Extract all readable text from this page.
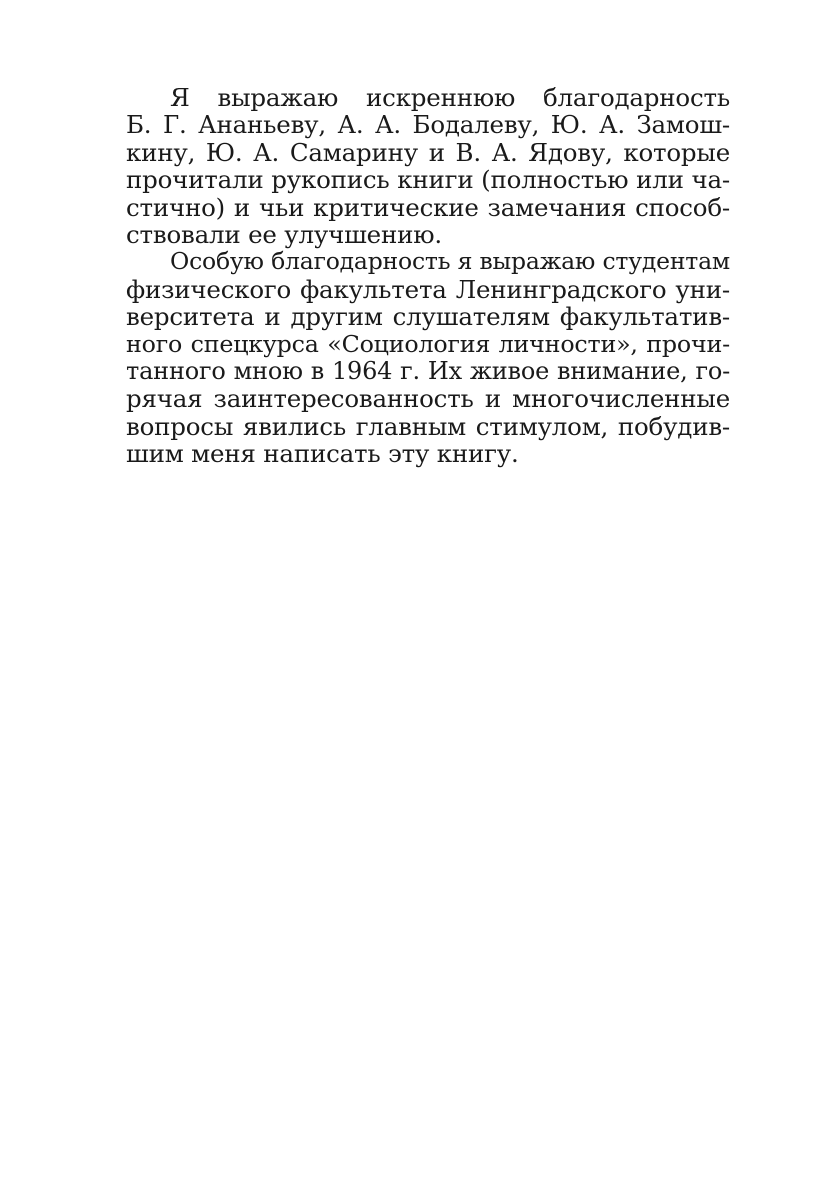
Я выражаю искреннюю благодарность
Б. Г. Ананьеву, А. А. Бодалеву, Ю. А. Замош-
кину, Ю. А. Самарину и В. А. Ядову, которые
прочитали рукопись книги (полностью или ча-
стично) и чьи критические замечания способ-
ствовали ее улучшению.
Особую благодарность я выражаю студентам
физического факультета Ленинградского уни-
верситета и другим слушателям факультатив-
ного спецкурса «Социология личности», прочи-
танного мною в 1964 г. Их живое внимание, го-
рячая заинтересованность и многочисленные
вопросы явились главным стимулом, побудив-
шим меня написать эту книгу.
